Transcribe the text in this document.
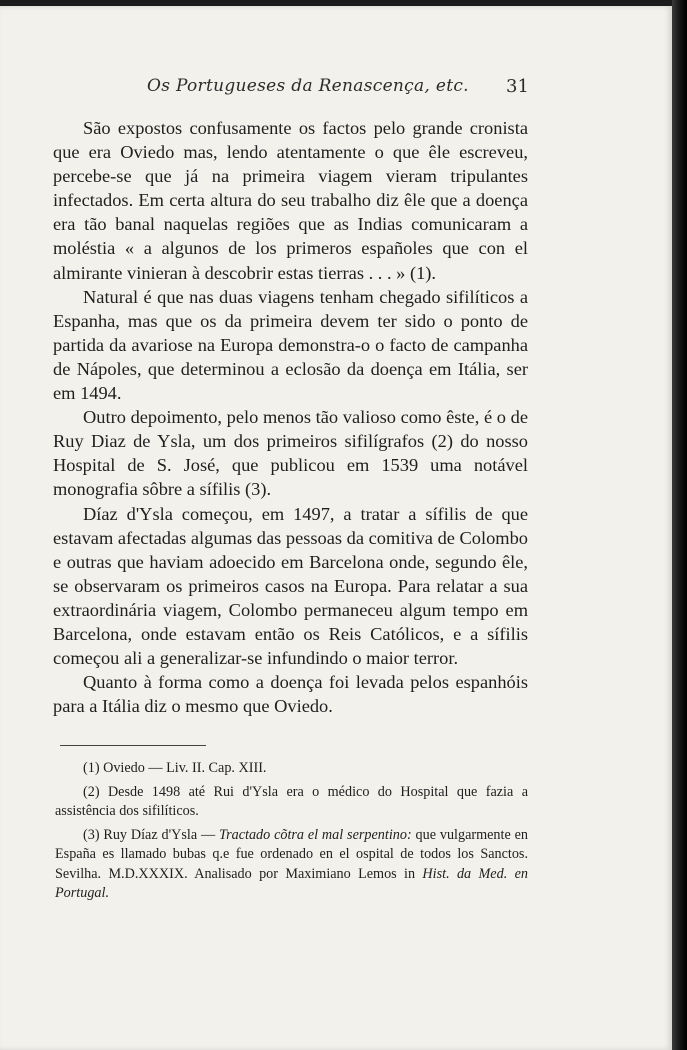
Os Portugueses da Renascença, etc. 31

São expostos confusamente os factos pelo grande cronista que era Oviedo mas, lendo atentamente o que êle escreveu, percebe-se que já na primeira viagem vieram tripulantes infectados. Em certa altura do seu trabalho diz êle que a doença era tão banal naquelas regiões que as Indias comunicaram a moléstia « a algunos de los primeros españoles que con el almirante vinieran à descobrir estas tierras . . . » (1).

Natural é que nas duas viagens tenham chegado sifilíticos a Espanha, mas que os da primeira devem ter sido o ponto de partida da avariose na Europa demonstra-o o facto de campanha de Nápoles, que determinou a eclosão da doença em Itália, ser em 1494.

Outro depoimento, pelo menos tão valioso como êste, é o de Ruy Diaz de Ysla, um dos primeiros sifilígrafos (2) do nosso Hospital de S. José, que publicou em 1539 uma notável monografia sôbre a sífilis (3).

Díaz d'Ysla começou, em 1497, a tratar a sífilis de que estavam afectadas algumas das pessoas da comitiva de Colombo e outras que haviam adoecido em Barcelona onde, segundo êle, se observaram os primeiros casos na Europa. Para relatar a sua extraordinária viagem, Colombo permaneceu algum tempo em Barcelona, onde estavam então os Reis Católicos, e a sífilis começou ali a generalizar-se infundindo o maior terror.

Quanto à forma como a doença foi levada pelos espanhóis para a Itália diz o mesmo que Oviedo.

(1) Oviedo — Liv. II. Cap. XIII.

(2) Desde 1498 até Rui d'Ysla era o médico do Hospital que fazia a assistência dos sifilíticos.

(3) Ruy Díaz d'Ysla — Tractado cõtra el mal serpentino: que vulgarmente en España es llamado bubas q.e fue ordenado en el ospital de todos los Sanctos. Sevilha. M.D.XXXIX. Analisado por Maximiano Lemos in Hist. da Med. en Portugal.
